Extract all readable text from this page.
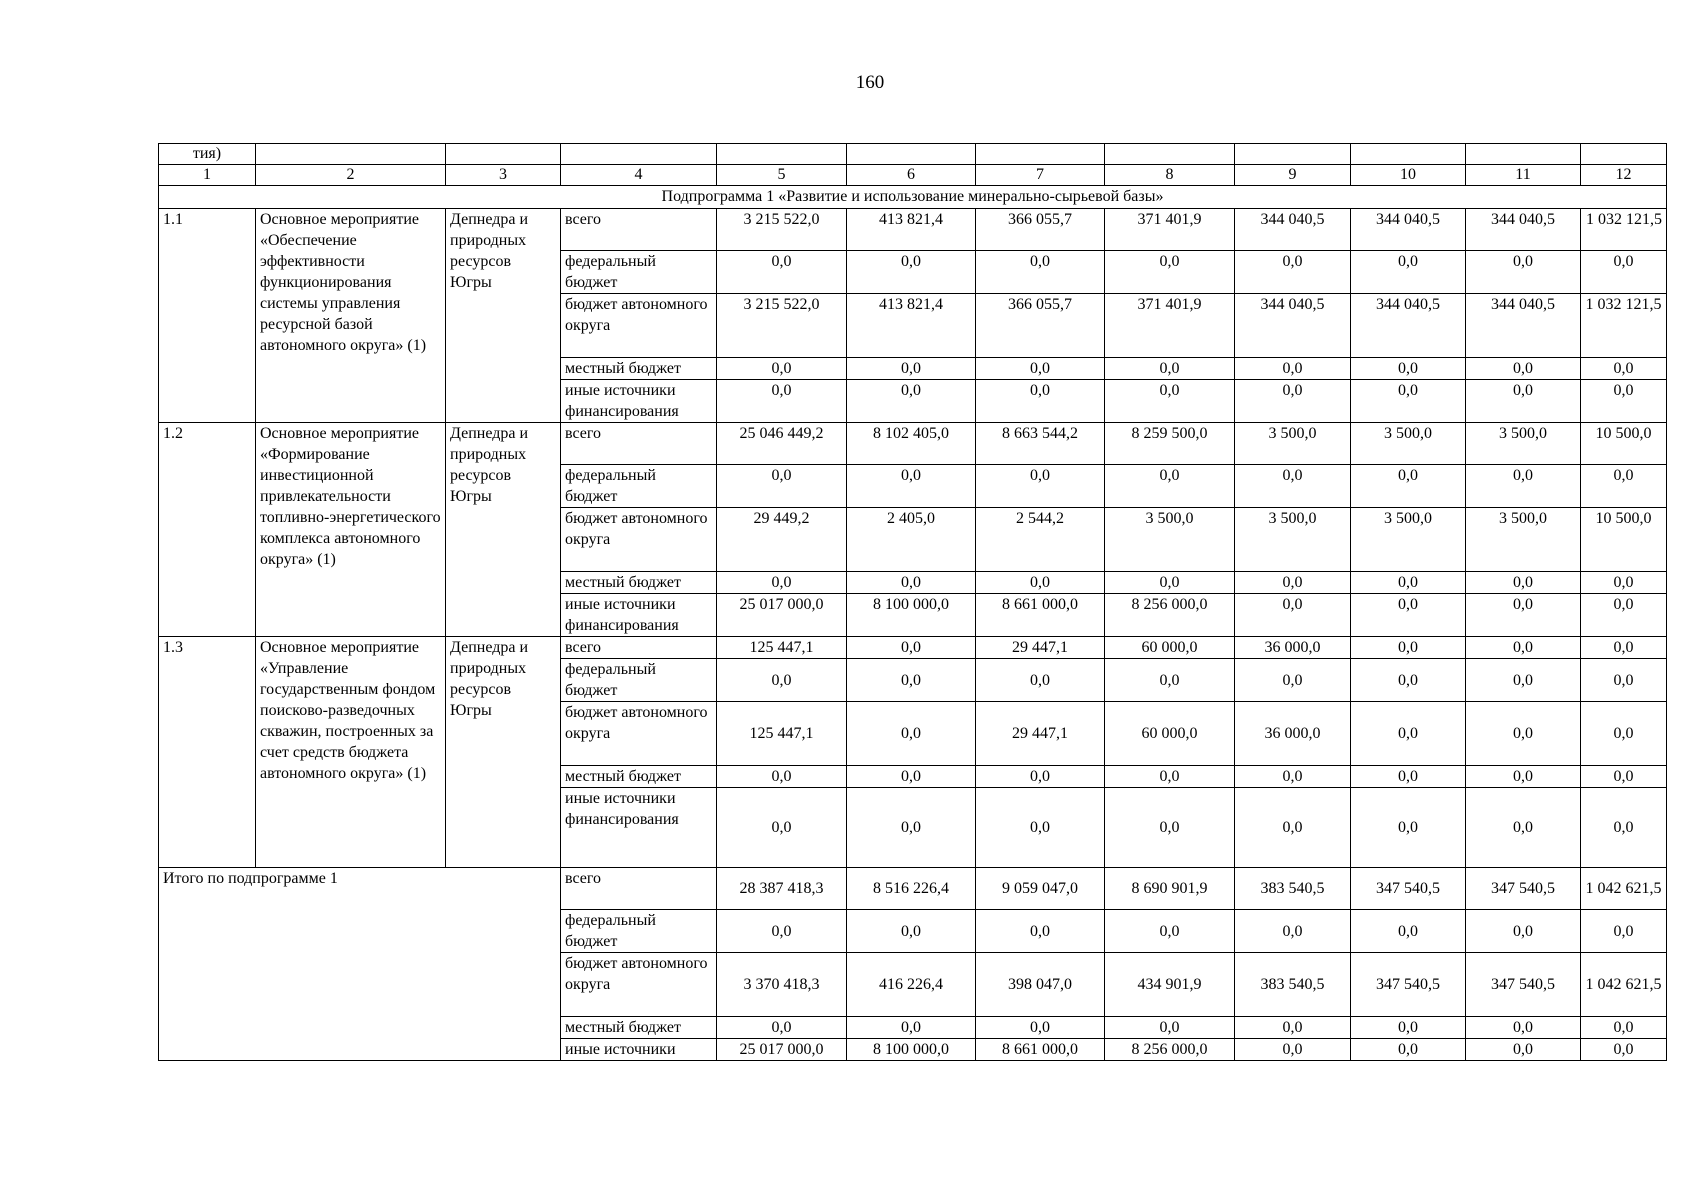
160
тия)											
1	2	3	4	5	6	7	8	9	10	11	12
Подпрограмма 1 «Развитие и использование минерально-сырьевой базы»											
1.1	Основное мероприятие «Обеспечение эффективности функционирования системы управления ресурсной базой автономного округа» (1)	Депнедра и природных ресурсов Югры	всего	3 215 522,0	413 821,4	366 055,7	371 401,9	344 040,5	344 040,5	344 040,5	1 032 121,5
			федеральный бюджет	0,0	0,0	0,0	0,0	0,0	0,0	0,0	0,0
			бюджет автономного округа	3 215 522,0	413 821,4	366 055,7	371 401,9	344 040,5	344 040,5	344 040,5	1 032 121,5
			местный бюджет	0,0	0,0	0,0	0,0	0,0	0,0	0,0	0,0
			иные источники финансирования	0,0	0,0	0,0	0,0	0,0	0,0	0,0	0,0
1.2	Основное мероприятие «Формирование инвестиционной привлекательности топливно-энергетического комплекса автономного округа» (1)	Депнедра и природных ресурсов Югры	всего	25 046 449,2	8 102 405,0	8 663 544,2	8 259 500,0	3 500,0	3 500,0	3 500,0	10 500,0
			федеральный бюджет	0,0	0,0	0,0	0,0	0,0	0,0	0,0	0,0
			бюджет автономного округа	29 449,2	2 405,0	2 544,2	3 500,0	3 500,0	3 500,0	3 500,0	10 500,0
			местный бюджет	0,0	0,0	0,0	0,0	0,0	0,0	0,0	0,0
			иные источники финансирования	25 017 000,0	8 100 000,0	8 661 000,0	8 256 000,0	0,0	0,0	0,0	0,0
1.3	Основное мероприятие «Управление государственным фондом поисково-разведочных скважин, построенных за счет средств бюджета автономного округа» (1)	Депнедра и природных ресурсов Югры	всего	125 447,1	0,0	29 447,1	60 000,0	36 000,0	0,0	0,0	0,0
			федеральный бюджет	0,0	0,0	0,0	0,0	0,0	0,0	0,0	0,0
			бюджет автономного округа	125 447,1	0,0	29 447,1	60 000,0	36 000,0	0,0	0,0	0,0
			местный бюджет	0,0	0,0	0,0	0,0	0,0	0,0	0,0	0,0
			иные источники финансирования	0,0	0,0	0,0	0,0	0,0	0,0	0,0	0,0
Итого по подпрограмме 1			всего	28 387 418,3	8 516 226,4	9 059 047,0	8 690 901,9	383 540,5	347 540,5	347 540,5	1 042 621,5
			федеральный бюджет	0,0	0,0	0,0	0,0	0,0	0,0	0,0	0,0
			бюджет автономного округа	3 370 418,3	416 226,4	398 047,0	434 901,9	383 540,5	347 540,5	347 540,5	1 042 621,5
			местный бюджет	0,0	0,0	0,0	0,0	0,0	0,0	0,0	0,0
			иные источники	25 017 000,0	8 100 000,0	8 661 000,0	8 256 000,0	0,0	0,0	0,0	0,0
